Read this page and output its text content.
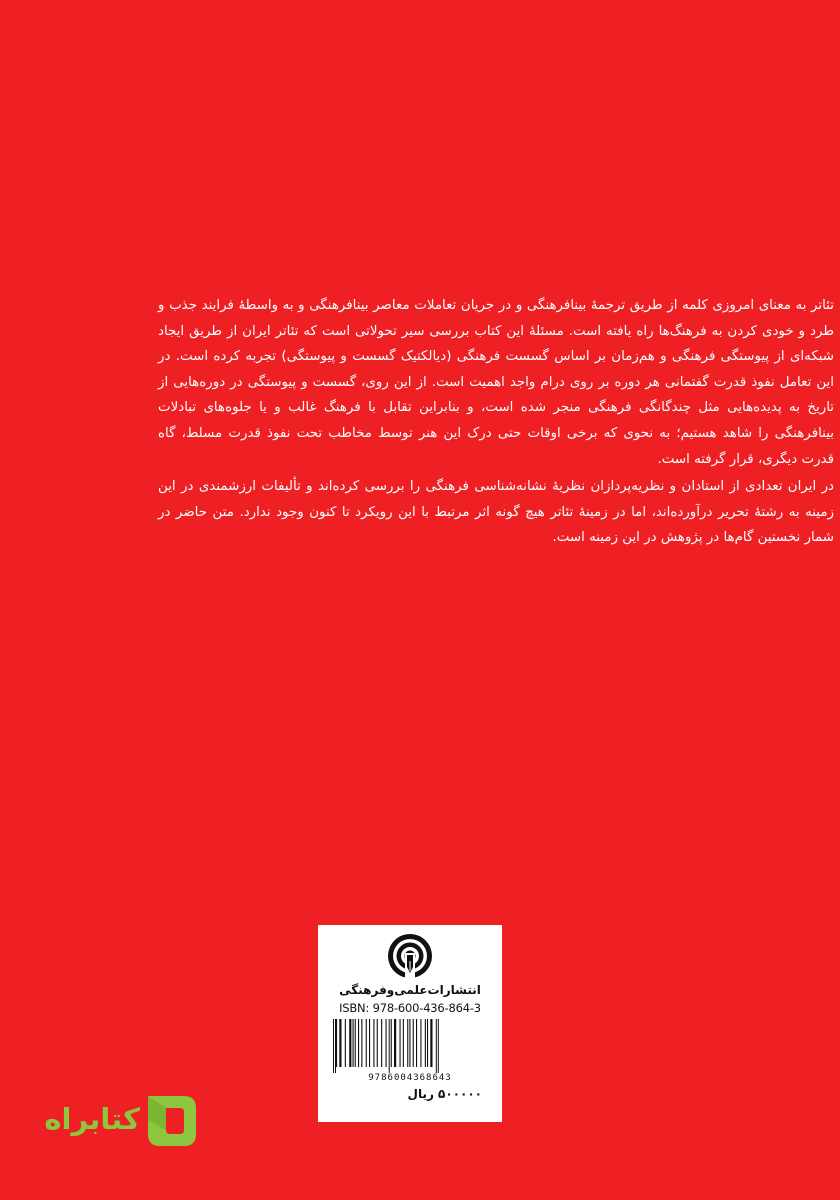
تئاتر به معنای امروزی کلمه از طریق ترجمهٔ بینافرهنگی و در جریان تعاملات معاصر بینافرهنگی و به واسطهٔ فرایند جذب و طرد و خودی کردن به فرهنگ‌ها راه یافته است. مسئلهٔ این کتاب بررسی سیر تحولاتی است که تئاتر ایران از طریق ایجاد شبکه‌ای از پیوستگی فرهنگی و هم‌زمان بر اساس گسست فرهنگی (دیالکتیک گسست و پیوستگی) تجربه کرده است. در این تعامل نفوذ قدرت گفتمانی هر دوره بر روی درام واجد اهمیت است. از این روی، گسست و پیوستگی در دوره‌هایی از تاریخ به پدیده‌هایی مثل چندگانگی فرهنگی منجر شده است، و بنابراین تقابل با فرهنگ غالب و یا جلوه‌های تبادلات بینافرهنگی را شاهد هستیم؛ به نحوی که برخی اوقات حتی درک این هنر توسط مخاطب تحت نفوذ قدرت مسلط، گاه قدرت دیگری، قرار گرفته است.

در ایران تعدادی از استادان و نظریه‌پردازان نظریهٔ نشانه‌شناسی فرهنگی را بررسی کرده‌اند و تألیفات ارزشمندی در این زمینه به رشتهٔ تحریر درآورده‌اند، اما در زمینهٔ تئاتر هیچ گونه اثر مرتبط با این رویکرد تا کنون وجود ندارد. متن حاضر در شمار نخستین گام‌ها در پژوهش در این زمینه است.

انتشارات‌علمی‌وفرهنگی
ISBN: 978-600-436-864-3
9786004368643
۵۰۰۰۰۰ ریال
کتابراه
